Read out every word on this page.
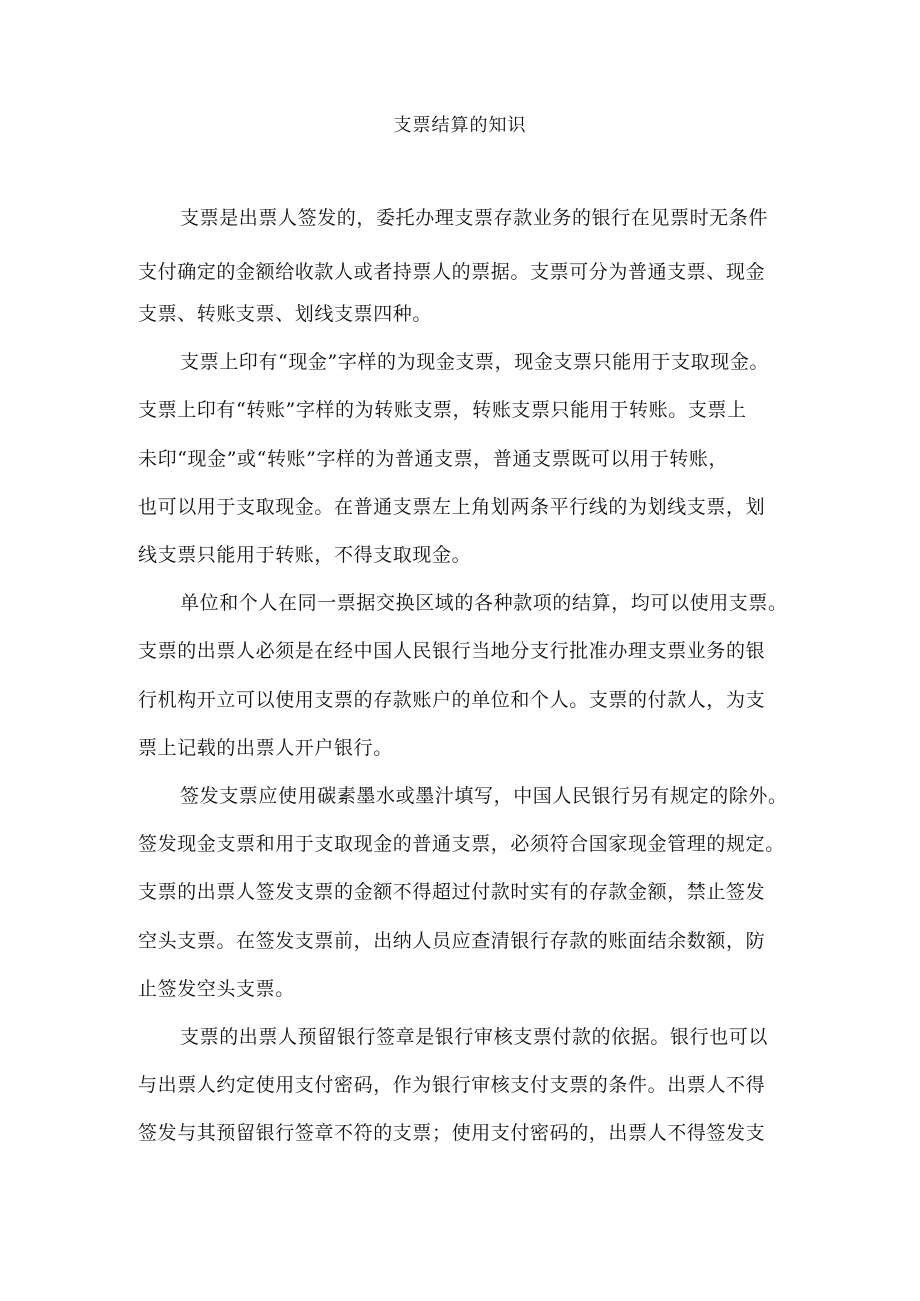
支票结算的知识
支票是出票人签发的，委托办理支票存款业务的银行在见票时无条件
支付确定的金额给收款人或者持票人的票据。支票可分为普通支票、现金
支票、转账支票、划线支票四种。
支票上印有“现金”字样的为现金支票，现金支票只能用于支取现金。
支票上印有“转账”字样的为转账支票，转账支票只能用于转账。支票上
未印“现金”或“转账”字样的为普通支票，普通支票既可以用于转账，
也可以用于支取现金。在普通支票左上角划两条平行线的为划线支票，划
线支票只能用于转账，不得支取现金。
单位和个人在同一票据交换区域的各种款项的结算，均可以使用支票。
支票的出票人必须是在经中国人民银行当地分支行批准办理支票业务的银
行机构开立可以使用支票的存款账户的单位和个人。支票的付款人，为支
票上记载的出票人开户银行。
签发支票应使用碳素墨水或墨汁填写，中国人民银行另有规定的除外。
签发现金支票和用于支取现金的普通支票，必须符合国家现金管理的规定。
支票的出票人签发支票的金额不得超过付款时实有的存款金额，禁止签发
空头支票。在签发支票前，出纳人员应查清银行存款的账面结余数额，防
止签发空头支票。
支票的出票人预留银行签章是银行审核支票付款的依据。银行也可以
与出票人约定使用支付密码，作为银行审核支付支票的条件。出票人不得
签发与其预留银行签章不符的支票；使用支付密码的，出票人不得签发支
